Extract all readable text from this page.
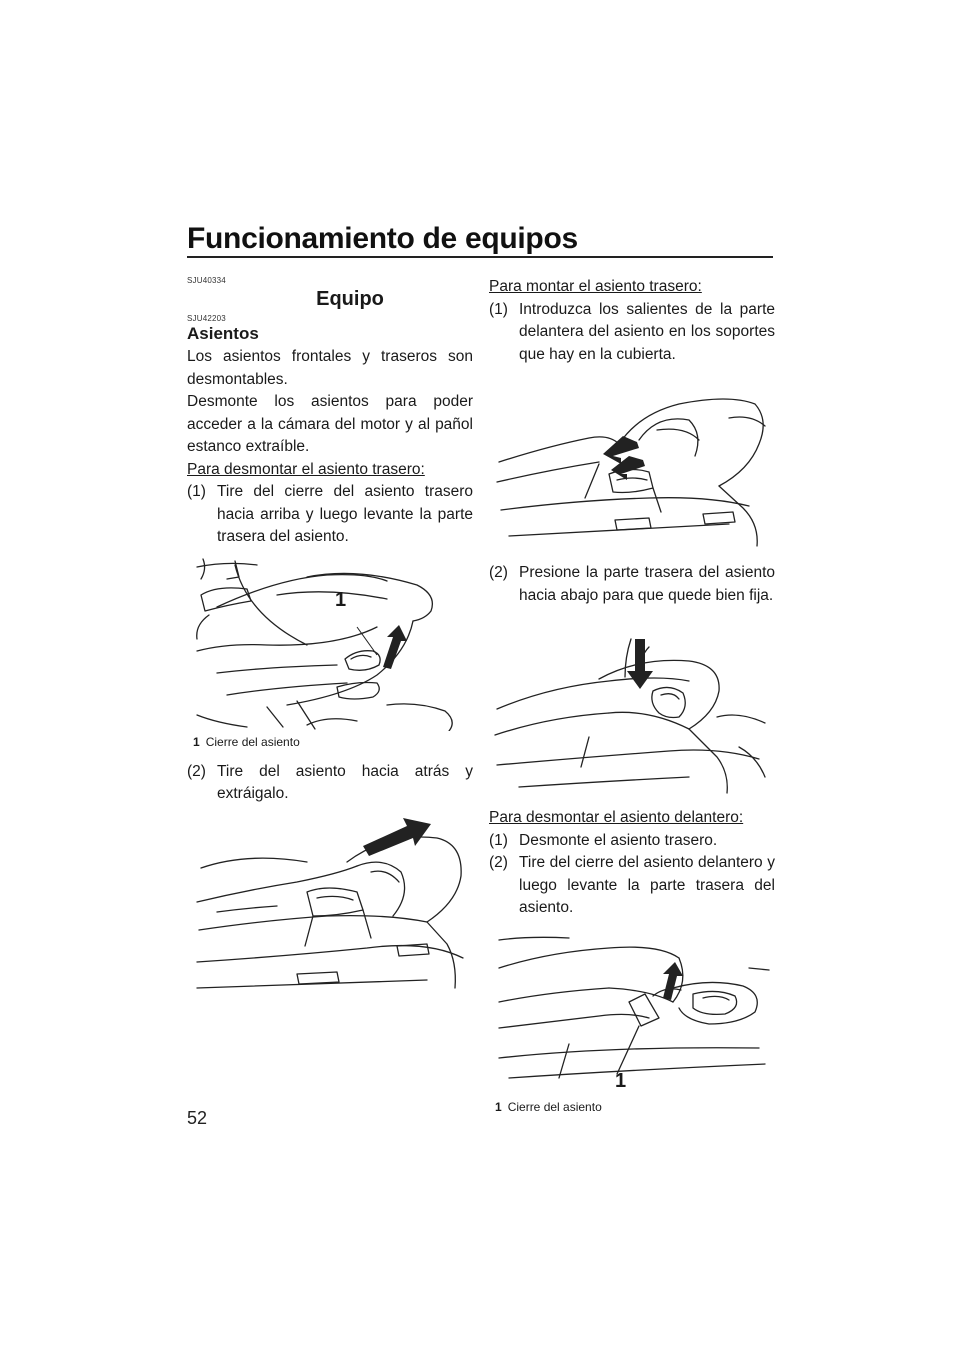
Funcionamiento de equipos
SJU40334
Equipo
SJU42203
Asientos

Los asientos frontales y traseros son desmontables.

Desmonte los asientos para poder acceder a la cámara del motor y al pañol estanco extraíble.

Para desmontar el asiento trasero:

(1) Tire del cierre del asiento trasero hacia arriba y luego levante la parte trasera del asiento.
1
1 Cierre del asiento
(2) Tire del asiento hacia atrás y extráigalo.

Para montar el asiento trasero:

(1) Introduzca los salientes de la parte delantera del asiento en los soportes que hay en la cubierta.
(2) Presione la parte trasera del asiento hacia abajo para que quede bien fija.

Para desmontar el asiento delantero:

(1) Desmonte el asiento trasero.
(2) Tire del cierre del asiento delantero y luego levante la parte trasera del asiento.
1
1 Cierre del asiento
52
